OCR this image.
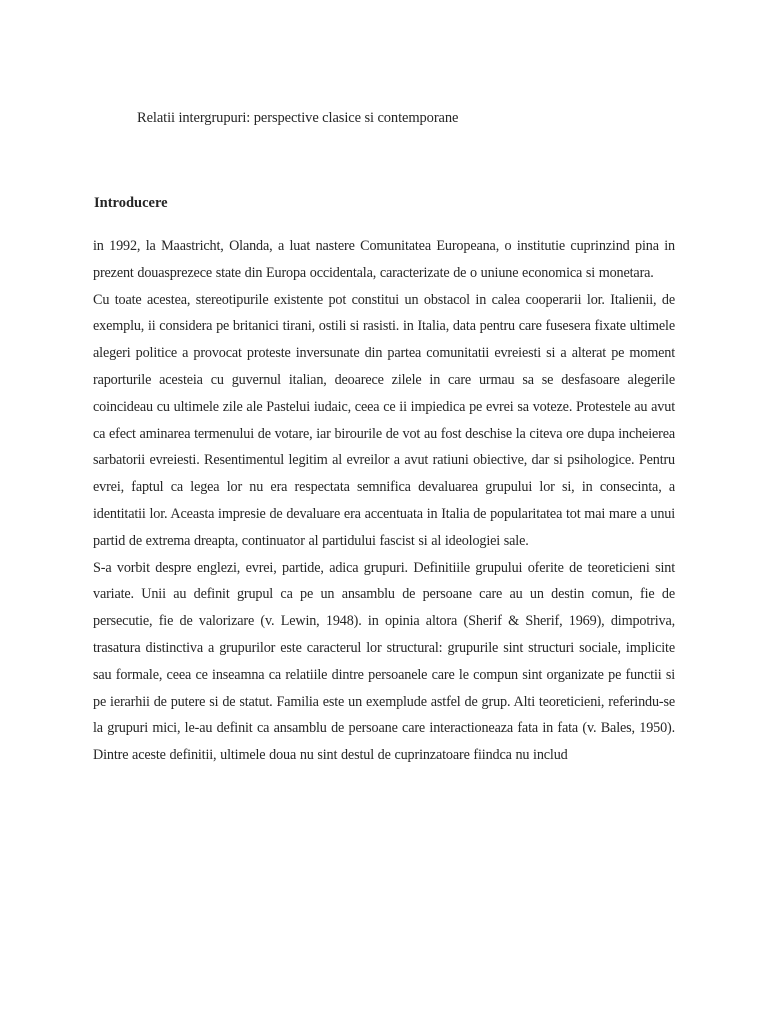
Relatii intergrupuri: perspective clasice si contemporane
Introducere

in 1992, la Maastricht, Olanda, a luat nastere Comunitatea Europeana, o institutie cuprinzind pina in prezent douasprezece state din Europa occidentala, caracterizate de o uniune economica si monetara.

Cu toate acestea, stereotipurile existente pot constitui un obstacol in calea cooperarii lor. Italienii, de exemplu, ii considera pe britanici tirani, ostili si rasisti. in Italia, data pentru care fusesera fixate ultimele alegeri politice a provocat proteste inversunate din partea comunitatii evreiesti si a alterat pe moment raporturile acesteia cu guvernul italian, deoarece zilele in care urmau sa se desfasoare alegerile coincideau cu ultimele zile ale Pastelui iudaic, ceea ce ii impiedica pe evrei sa voteze. Protestele au avut ca efect aminarea termenului de votare, iar birourile de vot au fost deschise la citeva ore dupa incheierea sarbatorii evreiesti. Resentimentul legitim al evreilor a avut ratiuni obiective, dar si psihologice. Pentru evrei, faptul ca legea lor nu era respectata semnifica devaluarea grupului lor si, in consecinta, a identitatii lor. Aceasta impresie de devaluare era accentuata in Italia de popularitatea tot mai mare a unui partid de extrema dreapta, continuator al partidului fascist si al ideologiei sale.

S-a vorbit despre englezi, evrei, partide, adica grupuri. Definitiile grupului oferite de teoreticieni sint variate. Unii au definit grupul ca pe un ansamblu de persoane care au un destin comun, fie de persecutie, fie de valorizare (v. Lewin, 1948). in opinia altora (Sherif & Sherif, 1969), dimpotriva, trasatura distinctiva a grupurilor este caracterul lor structural: grupurile sint structuri sociale, implicite sau formale, ceea ce inseamna ca relatiile dintre persoanele care le compun sint organizate pe functii si pe ierarhii de putere si de statut. Familia este un exemplude astfel de grup. Alti teoreticieni, referindu-se la grupuri mici, le-au definit ca ansamblu de persoane care interactioneaza fata in fata (v. Bales, 1950). Dintre aceste definitii, ultimele doua nu sint destul de cuprinzatoare fiindca nu includ
